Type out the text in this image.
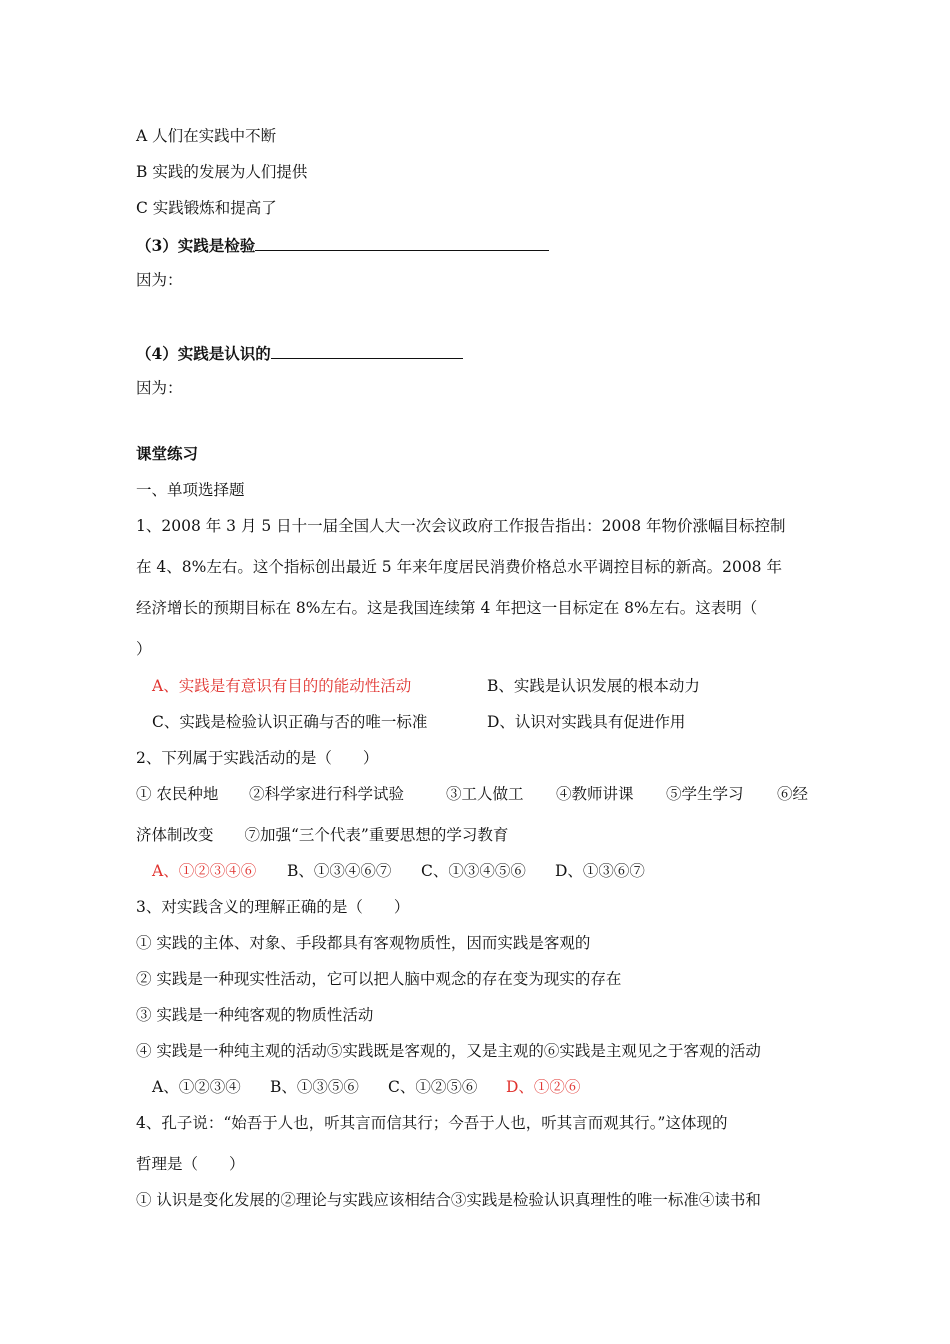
A 人们在实践中不断
B 实践的发展为人们提供
C 实践锻炼和提高了
（3）实践是检验
因为：
（4）实践是认识的
因为：
课堂练习
一、单项选择题
1、2008 年 3 月 5 日十一届全国人大一次会议政府工作报告指出：2008 年物价涨幅目标控制
在 4、8%左右。这个指标创出最近 5 年来年度居民消费价格总水平调控目标的新高。2008 年
经济增长的预期目标在 8%左右。这是我国连续第 4 年把这一目标定在 8%左右。这表明（
）
A、实践是有意识有目的的能动性活动	B、实践是认识发展的根本动力
C、实践是检验认识正确与否的唯一标准	D、认识对实践具有促进作用
2、下列属于实践活动的是（　　）
① 农民种地 ②科学家进行科学试验	③工人做工 ④教师讲课 ⑤学生学习 ⑥经
济体制改变　　⑦加强“三个代表”重要思想的学习教育
A、①②③④⑥ B、①③④⑥⑦ C、①③④⑤⑥ D、①③⑥⑦
3、对实践含义的理解正确的是（　　）
① 实践的主体、对象、手段都具有客观物质性，因而实践是客观的
② 实践是一种现实性活动，它可以把人脑中观念的存在变为现实的存在
③ 实践是一种纯客观的物质性活动
④ 实践是一种纯主观的活动⑤实践既是客观的，又是主观的⑥实践是主观见之于客观的活动
A、①②③④ B、①③⑤⑥ C、①②⑤⑥ D、①②⑥
4、孔子说：“始吾于人也，听其言而信其行；今吾于人也，听其言而观其行。”这体现的
哲理是（　　）
① 认识是变化发展的②理论与实践应该相结合③实践是检验认识真理性的唯一标准④读书和
